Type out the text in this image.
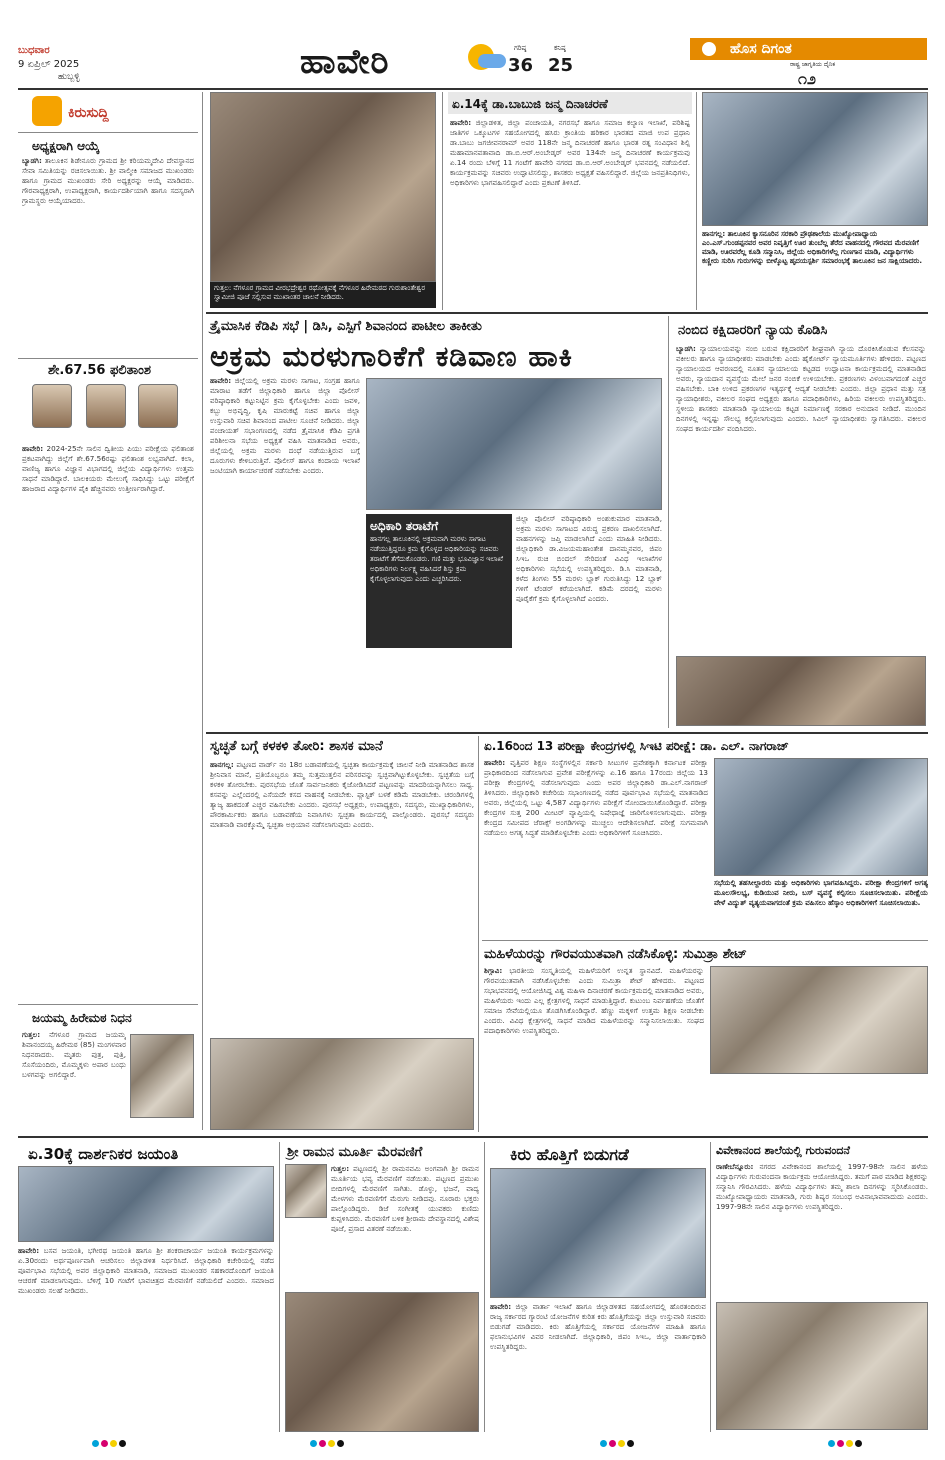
ಬುಧವಾರ
9 ಏಪ್ರಿಲ್ 2025
ಹುಬ್ಬಳ್ಳಿ	ಹಾವೇರಿ	ಗರಿಷ್ಠ
36
ಕನಿಷ್ಠ
25
ಹೊಸ ದಿಗಂತ
ರಾಷ್ಟ್ರ ಜಾಗೃತಿಯ ದೈನಿಕ
೧೨
ಕಿರುಸುದ್ದಿ
ಅಧ್ಯಕ್ಷರಾಗಿ ಆಯ್ಕೆ
ಬ್ಯಾಡಗಿ: ತಾಲೂಕಿನ ಶಿಡೇನೂರು ಗ್ರಾಮದ ಶ್ರೀ ಕರಿಯಮ್ಮದೇವಿ ದೇವಸ್ಥಾನದ ಸೇವಾ ಸಮಿತಿಯನ್ನು ರಚಿಸಲಾಯಿತು. ಶ್ರೀ ವಾಲ್ಮೀಕಿ ಸಮಾಜದ ಮುಖಂಡರು ಹಾಗೂ ಗ್ರಾಮದ ಮುಖಂಡರು ಸೇರಿ ಅಧ್ಯಕ್ಷರನ್ನು ಆಯ್ಕೆ ಮಾಡಿದರು. ಗೌರವಾಧ್ಯಕ್ಷರಾಗಿ, ಉಪಾಧ್ಯಕ್ಷರಾಗಿ, ಕಾರ್ಯದರ್ಶಿಯಾಗಿ ಹಾಗೂ ಸದಸ್ಯರಾಗಿ ಗ್ರಾಮಸ್ಥರು ಆಯ್ಕೆಯಾದರು.
ಶೇ.67.56 ಫಲಿತಾಂಶ
ಹಾವೇರಿ: 2024-25ನೇ ಸಾಲಿನ ದ್ವಿತೀಯ ಪಿಯು ಪರೀಕ್ಷೆಯ ಫಲಿತಾಂಶ ಪ್ರಕಟವಾಗಿದ್ದು ಜಿಲ್ಲೆಗೆ ಶೇ.67.56ರಷ್ಟು ಫಲಿತಾಂಶ ಲಭ್ಯವಾಗಿದೆ. ಕಲಾ, ವಾಣಿಜ್ಯ ಹಾಗೂ ವಿಜ್ಞಾನ ವಿಭಾಗದಲ್ಲಿ ಜಿಲ್ಲೆಯ ವಿದ್ಯಾರ್ಥಿಗಳು ಉತ್ತಮ ಸಾಧನೆ ಮಾಡಿದ್ದಾರೆ. ಬಾಲಕಿಯರು ಮೇಲುಗೈ ಸಾಧಿಸಿದ್ದು ಒಟ್ಟು ಪರೀಕ್ಷೆಗೆ ಹಾಜರಾದ ವಿದ್ಯಾರ್ಥಿಗಳ ಪೈಕಿ ಹೆಚ್ಚಿನವರು ಉತ್ತೀರ್ಣರಾಗಿದ್ದಾರೆ.
ಜಯಮ್ಮ ಹಿರೇಮಠ ನಿಧನ
ಗುತ್ತಲ: ನೆಗಳೂರ ಗ್ರಾಮದ ಜಯಮ್ಮ ಶಿವಾನಂದಯ್ಯ ಹಿರೇಮಠ (85) ಮಂಗಳವಾರ ನಿಧನರಾದರು. ಮೃತರು ಪುತ್ರ, ಪುತ್ರಿ, ಸೊಸೆಯಂದಿರು, ಮೊಮ್ಮಕ್ಕಳು ಅಪಾರ ಬಂಧು ಬಳಗವನ್ನು ಅಗಲಿದ್ದಾರೆ.
ಗುತ್ತಲ: ನೆಗಳೂರ ಗ್ರಾಮದ ವೀರಭದ್ರೇಶ್ವರ ರಥೋತ್ಸವಕ್ಕೆ ನೆಗಳೂರ ಹಿರೇಮಠದ ಗುರುಶಾಂತೇಶ್ವರ ಸ್ವಾಮೀಜಿ ಪೂಜೆ ಸಲ್ಲಿಸುವ ಮುಖಾಂತರ ಚಾಲನೆ ನೀಡಿದರು.
ಏ.14ಕ್ಕೆ ಡಾ.ಬಾಬುಜಿ ಜನ್ಮ ದಿನಾಚರಣೆ
ಹಾವೇರಿ: ಜಿಲ್ಲಾಡಳಿತ, ಜಿಲ್ಲಾ ಪಂಚಾಯತಿ, ನಗರಸಭೆ ಹಾಗೂ ಸಮಾಜ ಕಲ್ಯಾಣ ಇಲಾಖೆ, ಪರಿಶಿಷ್ಟ ಜಾತಿಗಳ ಒಕ್ಕೂಟಗಳ ಸಹಯೋಗದಲ್ಲಿ ಹಸಿರು ಕ್ರಾಂತಿಯ ಹರಿಕಾರ ಭಾರತದ ಮಾಜಿ ಉಪ ಪ್ರಧಾನಿ ಡಾ.ಬಾಬು ಜಗಜೀವನರಾಮ್ ಅವರ 118ನೇ ಜನ್ಮ ದಿನಾಚರಣೆ ಹಾಗೂ ಭಾರತ ರತ್ನ ಸಂವಿಧಾನ ಶಿಲ್ಪಿ ಮಹಾಮಾನವತಾವಾದಿ ಡಾ.ಬಿ.ಆರ್.ಅಂಬೇಡ್ಕರ್ ಅವರ 134ನೇ ಜನ್ಮ ದಿನಾಚರಣೆ ಕಾರ್ಯಕ್ರಮವು ಏ.14 ರಂದು ಬೆಳಿಗ್ಗೆ 11 ಗಂಟೆಗೆ ಹಾವೇರಿ ನಗರದ ಡಾ.ಬಿ.ಆರ್.ಅಂಬೇಡ್ಕರ್ ಭವನದಲ್ಲಿ ನಡೆಯಲಿದೆ. ಕಾರ್ಯಕ್ರಮವನ್ನು ಸಚಿವರು ಉದ್ಘಾಟಿಸಲಿದ್ದು, ಶಾಸಕರು ಅಧ್ಯಕ್ಷತೆ ವಹಿಸಲಿದ್ದಾರೆ. ಜಿಲ್ಲೆಯ ಜನಪ್ರತಿನಿಧಿಗಳು, ಅಧಿಕಾರಿಗಳು ಭಾಗವಹಿಸಲಿದ್ದಾರೆ ಎಂದು ಪ್ರಕಟಣೆ ತಿಳಿಸಿದೆ.
ಹಾನಗಲ್ಲ: ತಾಲೂಕಿನ ಕ್ಯಾಸನೂರಿನ ಸರಕಾರಿ ಪ್ರೌಢಶಾಲೆಯ ಮುಖ್ಯೋಪಾಧ್ಯಾಯ ಎಂ.ಎಸ್.ಗುಂಡಪ್ಪನವರ ಅವರ ನಿವೃತ್ತಿಗೆ ಊರ ತುಂಬೆಲ್ಲ ತೆರೆದ ವಾಹನದಲ್ಲಿ ಗೌರವದ ಮೆರವಣಿಗೆ ಮಾಡಿ, ಊರವರೆಲ್ಲ ಕೂಡಿ ಸನ್ಮಾನಿಸಿ, ಜಿಲ್ಲೆಯ ಅಧಿಕಾರಿಗಳೆಲ್ಲ ಗುಣಗಾನ ಮಾಡಿ, ವಿದ್ಯಾರ್ಥಿಗಳು ಕಣ್ಣೀರು ಸುರಿಸಿ ಗುರುಗಳನ್ನು ಬೀಳ್ಕೊಟ್ಟ ಹೃದಯಸ್ಪರ್ಶಿ ಸಮಾರಂಭಕ್ಕೆ ತಾಲೂಕಿನ ಜನ ಸಾಕ್ಷಿಯಾದರು.
ತ್ರೈಮಾಸಿಕ ಕೆಡಿಪಿ ಸಭೆ | ಡಿಸಿ, ಎಸ್ಪಿಗೆ ಶಿವಾನಂದ ಪಾಟೀಲ ತಾಕೀತು
ಅಕ್ರಮ ಮರಳುಗಾರಿಕೆಗೆ ಕಡಿವಾಣ ಹಾಕಿ
ಹಾವೇರಿ: ಜಿಲ್ಲೆಯಲ್ಲಿ ಅಕ್ರಮ ಮರಳು ಸಾಗಾಟ, ಸಂಗ್ರಹ ಹಾಗೂ ಮಾರಾಟ ತಡೆಗೆ ಜಿಲ್ಲಾಧಿಕಾರಿ ಹಾಗೂ ಜಿಲ್ಲಾ ಪೊಲೀಸ್ ವರಿಷ್ಠಾಧಿಕಾರಿ ಕಟ್ಟುನಿಟ್ಟಿನ ಕ್ರಮ ಕೈಗೊಳ್ಳಬೇಕು ಎಂದು ಜವಳಿ, ಕಬ್ಬು ಅಭಿವೃದ್ಧಿ, ಕೃಷಿ ಮಾರುಕಟ್ಟೆ ಸಚಿವ ಹಾಗೂ ಜಿಲ್ಲಾ ಉಸ್ತುವಾರಿ ಸಚಿವ ಶಿವಾನಂದ ಪಾಟೀಲ ಸೂಚನೆ ನೀಡಿದರು. ಜಿಲ್ಲಾ ಪಂಚಾಯತ್ ಸಭಾಂಗಣದಲ್ಲಿ ನಡೆದ ತ್ರೈಮಾಸಿಕ ಕೆಡಿಪಿ ಪ್ರಗತಿ ಪರಿಶೀಲನಾ ಸಭೆಯ ಅಧ್ಯಕ್ಷತೆ ವಹಿಸಿ ಮಾತನಾಡಿದ ಅವರು, ಜಿಲ್ಲೆಯಲ್ಲಿ ಅಕ್ರಮ ಮರಳು ದಂಧೆ ನಡೆಯುತ್ತಿರುವ ಬಗ್ಗೆ ದೂರುಗಳು ಕೇಳಿಬರುತ್ತಿವೆ. ಪೊಲೀಸ್ ಹಾಗೂ ಕಂದಾಯ ಇಲಾಖೆ ಜಂಟಿಯಾಗಿ ಕಾರ್ಯಾಚರಣೆ ನಡೆಸಬೇಕು ಎಂದರು.
ಅಧಿಕಾರಿ ತರಾಟೆಗೆ
ಹಾನಗಲ್ಲ ತಾಲೂಕಿನಲ್ಲಿ ಅಕ್ರಮವಾಗಿ ಮರಳು ಸಾಗಾಟ ನಡೆಯುತ್ತಿದ್ದರೂ ಕ್ರಮ ಕೈಗೊಳ್ಳದ ಅಧಿಕಾರಿಯನ್ನು ಸಚಿವರು ತರಾಟೆಗೆ ತೆಗೆದುಕೊಂಡರು. ಗಣಿ ಮತ್ತು ಭೂವಿಜ್ಞಾನ ಇಲಾಖೆ ಅಧಿಕಾರಿಗಳು ನಿರ್ಲಕ್ಷ್ಯ ವಹಿಸಿದರೆ ಶಿಸ್ತು ಕ್ರಮ ಕೈಗೊಳ್ಳಲಾಗುವುದು ಎಂದು ಎಚ್ಚರಿಸಿದರು.
ಜಿಲ್ಲಾ ಪೊಲೀಸ್ ವರಿಷ್ಠಾಧಿಕಾರಿ ಅಂಶುಕುಮಾರ ಮಾತನಾಡಿ, ಅಕ್ರಮ ಮರಳು ಸಾಗಾಟದ ವಿರುದ್ಧ ಪ್ರಕರಣ ದಾಖಲಿಸಲಾಗಿದೆ. ವಾಹನಗಳನ್ನು ಜಪ್ತಿ ಮಾಡಲಾಗಿದೆ ಎಂದು ಮಾಹಿತಿ ನೀಡಿದರು. ಜಿಲ್ಲಾಧಿಕಾರಿ ಡಾ.ವಿಜಯಮಹಾಂತೇಶ ದಾನಮ್ಮನವರ, ಜಿಪಂ ಸಿಇಒ ರುಚಿ ಬಿಂದಲ್ ಸೇರಿದಂತೆ ವಿವಿಧ ಇಲಾಖೆಗಳ ಅಧಿಕಾರಿಗಳು ಸಭೆಯಲ್ಲಿ ಉಪಸ್ಥಿತರಿದ್ದರು. ಡಿ.ಸಿ ಮಾತನಾಡಿ, ಕಳೆದ ತಿಂಗಳು 55 ಮರಳು ಬ್ಲಾಕ್ ಗುರುತಿಸಿದ್ದು 12 ಬ್ಲಾಕ್ ಗಳಿಗೆ ಟೆಂಡರ್ ಕರೆಯಲಾಗಿದೆ. ಕಡಿಮೆ ದರದಲ್ಲಿ ಮರಳು ಪೂರೈಕೆಗೆ ಕ್ರಮ ಕೈಗೊಳ್ಳಲಾಗಿದೆ ಎಂದರು.
ನಂಬಿದ ಕಕ್ಷಿದಾರರಿಗೆ ನ್ಯಾಯ ಕೊಡಿಸಿ
ಬ್ಯಾಡಗಿ: ನ್ಯಾಯಾಲಯವನ್ನು ನಂಬಿ ಬರುವ ಕಕ್ಷಿದಾರರಿಗೆ ಶೀಘ್ರವಾಗಿ ನ್ಯಾಯ ದೊರಕಿಸಿಕೊಡುವ ಕೆಲಸವನ್ನು ವಕೀಲರು ಹಾಗೂ ನ್ಯಾಯಾಧೀಶರು ಮಾಡಬೇಕು ಎಂದು ಹೈಕೋರ್ಟ್ ನ್ಯಾಯಮೂರ್ತಿಗಳು ಹೇಳಿದರು. ಪಟ್ಟಣದ ನ್ಯಾಯಾಲಯದ ಆವರಣದಲ್ಲಿ ನೂತನ ನ್ಯಾಯಾಲಯ ಕಟ್ಟಡದ ಉದ್ಘಾಟನಾ ಕಾರ್ಯಕ್ರಮದಲ್ಲಿ ಮಾತನಾಡಿದ ಅವರು, ನ್ಯಾಯದಾನ ವ್ಯವಸ್ಥೆಯ ಮೇಲೆ ಜನರ ನಂಬಿಕೆ ಉಳಿಯಬೇಕು. ಪ್ರಕರಣಗಳು ವಿಳಂಬವಾಗದಂತೆ ಎಚ್ಚರ ವಹಿಸಬೇಕು. ಬಾಕಿ ಉಳಿದ ಪ್ರಕರಣಗಳ ಇತ್ಯರ್ಥಕ್ಕೆ ಆದ್ಯತೆ ನೀಡಬೇಕು ಎಂದರು. ಜಿಲ್ಲಾ ಪ್ರಧಾನ ಮತ್ತು ಸತ್ರ ನ್ಯಾಯಾಧೀಶರು, ವಕೀಲರ ಸಂಘದ ಅಧ್ಯಕ್ಷರು ಹಾಗೂ ಪದಾಧಿಕಾರಿಗಳು, ಹಿರಿಯ ವಕೀಲರು ಉಪಸ್ಥಿತರಿದ್ದರು. ಸ್ಥಳೀಯ ಶಾಸಕರು ಮಾತನಾಡಿ ನ್ಯಾಯಾಲಯ ಕಟ್ಟಡ ನಿರ್ಮಾಣಕ್ಕೆ ಸರಕಾರ ಅನುದಾನ ನೀಡಿದೆ. ಮುಂದಿನ ದಿನಗಳಲ್ಲಿ ಇನ್ನಷ್ಟು ಸೌಲಭ್ಯ ಕಲ್ಪಿಸಲಾಗುವುದು ಎಂದರು. ಸಿವಿಲ್ ನ್ಯಾಯಾಧೀಶರು ಸ್ವಾಗತಿಸಿದರು. ವಕೀಲರ ಸಂಘದ ಕಾರ್ಯದರ್ಶಿ ವಂದಿಸಿದರು.
ಸ್ವಚ್ಛತೆ ಬಗ್ಗೆ ಕಳಕಳಿ ತೋರಿ: ಶಾಸಕ ಮಾನೆ
ಹಾನಗಲ್ಲ: ಪಟ್ಟಣದ ವಾರ್ಡ್ ನಂ 18ರ ಬಡಾವಣೆಯಲ್ಲಿ ಸ್ವಚ್ಛತಾ ಕಾರ್ಯಕ್ರಮಕ್ಕೆ ಚಾಲನೆ ನೀಡಿ ಮಾತನಾಡಿದ ಶಾಸಕ ಶ್ರೀನಿವಾಸ ಮಾನೆ, ಪ್ರತಿಯೊಬ್ಬರೂ ತಮ್ಮ ಸುತ್ತಮುತ್ತಲಿನ ಪರಿಸರವನ್ನು ಸ್ವಚ್ಛವಾಗಿಟ್ಟುಕೊಳ್ಳಬೇಕು. ಸ್ವಚ್ಛತೆಯ ಬಗ್ಗೆ ಕಳಕಳಿ ತೋರಬೇಕು. ಪುರಸಭೆಯ ಜೊತೆ ಸಾರ್ವಜನಿಕರು ಕೈಜೋಡಿಸಿದರೆ ಪಟ್ಟಣವನ್ನು ಮಾದರಿಯನ್ನಾಗಿಸಲು ಸಾಧ್ಯ. ಕಸವನ್ನು ಎಲ್ಲೆಂದರಲ್ಲಿ ಎಸೆಯದೇ ಕಸದ ವಾಹನಕ್ಕೆ ನೀಡಬೇಕು. ಪ್ಲಾಸ್ಟಿಕ್ ಬಳಕೆ ಕಡಿಮೆ ಮಾಡಬೇಕು. ಚರಂಡಿಗಳಲ್ಲಿ ತ್ಯಾಜ್ಯ ಹಾಕದಂತೆ ಎಚ್ಚರ ವಹಿಸಬೇಕು ಎಂದರು. ಪುರಸಭೆ ಅಧ್ಯಕ್ಷರು, ಉಪಾಧ್ಯಕ್ಷರು, ಸದಸ್ಯರು, ಮುಖ್ಯಾಧಿಕಾರಿಗಳು, ಪೌರಕಾರ್ಮಿಕರು ಹಾಗೂ ಬಡಾವಣೆಯ ನಿವಾಸಿಗಳು ಸ್ವಚ್ಛತಾ ಕಾರ್ಯದಲ್ಲಿ ಪಾಲ್ಗೊಂಡರು. ಪುರಸಭೆ ಸದಸ್ಯರು ಮಾತನಾಡಿ ವಾರಕ್ಕೊಮ್ಮೆ ಸ್ವಚ್ಛತಾ ಅಭಿಯಾನ ನಡೆಸಲಾಗುವುದು ಎಂದರು.
ಏ.16ರಿಂದ 13 ಪರೀಕ್ಷಾ ಕೇಂದ್ರಗಳಲ್ಲಿ ಸಿಇಟಿ ಪರೀಕ್ಷೆ: ಡಾ. ಎಲ್. ನಾಗರಾಜ್
ಹಾವೇರಿ: ವೃತ್ತಿಪರ ಶಿಕ್ಷಣ ಸಂಸ್ಥೆಗಳಲ್ಲಿನ ಸರ್ಕಾರಿ ಸೀಟುಗಳ ಪ್ರವೇಶಕ್ಕಾಗಿ ಕರ್ನಾಟಕ ಪರೀಕ್ಷಾ ಪ್ರಾಧಿಕಾರದಿಂದ ನಡೆಸಲಾಗುವ ಪ್ರವೇಶ ಪರೀಕ್ಷೆಗಳನ್ನು ಏ.16 ಹಾಗೂ 17ರಂದು ಜಿಲ್ಲೆಯ 13 ಪರೀಕ್ಷಾ ಕೇಂದ್ರಗಳಲ್ಲಿ ನಡೆಸಲಾಗುವುದು ಎಂದು ಅಪರ ಜಿಲ್ಲಾಧಿಕಾರಿ ಡಾ.ಎಲ್.ನಾಗರಾಜ್ ತಿಳಿಸಿದರು. ಜಿಲ್ಲಾಧಿಕಾರಿ ಕಚೇರಿಯ ಸಭಾಂಗಣದಲ್ಲಿ ನಡೆದ ಪೂರ್ವಭಾವಿ ಸಭೆಯಲ್ಲಿ ಮಾತನಾಡಿದ ಅವರು, ಜಿಲ್ಲೆಯಲ್ಲಿ ಒಟ್ಟು 4,587 ವಿದ್ಯಾರ್ಥಿಗಳು ಪರೀಕ್ಷೆಗೆ ನೋಂದಾಯಿಸಿಕೊಂಡಿದ್ದಾರೆ. ಪರೀಕ್ಷಾ ಕೇಂದ್ರಗಳ ಸುತ್ತ 200 ಮೀಟರ್ ವ್ಯಾಪ್ತಿಯಲ್ಲಿ ನಿಷೇಧಾಜ್ಞೆ ಜಾರಿಗೊಳಿಸಲಾಗುವುದು. ಪರೀಕ್ಷಾ ಕೇಂದ್ರದ ಸಮೀಪದ ಜೆರಾಕ್ಸ್ ಅಂಗಡಿಗಳನ್ನು ಮುಚ್ಚಲು ಆದೇಶಿಸಲಾಗಿದೆ. ಪರೀಕ್ಷೆ ಸುಗಮವಾಗಿ ನಡೆಯಲು ಅಗತ್ಯ ಸಿದ್ಧತೆ ಮಾಡಿಕೊಳ್ಳಬೇಕು ಎಂದು ಅಧಿಕಾರಿಗಳಿಗೆ ಸೂಚಿಸಿದರು.
ಸಭೆಯಲ್ಲಿ ತಹಸೀಲ್ದಾರರು ಮತ್ತು ಅಧಿಕಾರಿಗಳು ಭಾಗವಹಿಸಿದ್ದರು. ಪರೀಕ್ಷಾ ಕೇಂದ್ರಗಳಿಗೆ ಅಗತ್ಯ ಮೂಲಸೌಲಭ್ಯ, ಕುಡಿಯುವ ನೀರು, ಬಸ್ ವ್ಯವಸ್ಥೆ ಕಲ್ಪಿಸಲು ಸೂಚಿಸಲಾಯಿತು. ಪರೀಕ್ಷೆಯ ವೇಳೆ ವಿದ್ಯುತ್ ವ್ಯತ್ಯಯವಾಗದಂತೆ ಕ್ರಮ ವಹಿಸಲು ಹೆಸ್ಕಾಂ ಅಧಿಕಾರಿಗಳಿಗೆ ಸೂಚಿಸಲಾಯಿತು.
ಮಹಿಳೆಯರನ್ನು ಗೌರವಯುತವಾಗಿ ನಡೆಸಿಕೊಳ್ಳಿ: ಸುಮಿತ್ರಾ ಶೇಟ್
ಶಿಗ್ಗಾವಿ: ಭಾರತೀಯ ಸಂಸ್ಕೃತಿಯಲ್ಲಿ ಮಹಿಳೆಯರಿಗೆ ಉನ್ನತ ಸ್ಥಾನವಿದೆ. ಮಹಿಳೆಯರನ್ನು ಗೌರವಯುತವಾಗಿ ನಡೆಸಿಕೊಳ್ಳಬೇಕು ಎಂದು ಸುಮಿತ್ರಾ ಶೇಟ್ ಹೇಳಿದರು. ಪಟ್ಟಣದ ಸಭಾಭವನದಲ್ಲಿ ಆಯೋಜಿಸಿದ್ದ ವಿಶ್ವ ಮಹಿಳಾ ದಿನಾಚರಣೆ ಕಾರ್ಯಕ್ರಮದಲ್ಲಿ ಮಾತನಾಡಿದ ಅವರು, ಮಹಿಳೆಯರು ಇಂದು ಎಲ್ಲ ಕ್ಷೇತ್ರಗಳಲ್ಲಿ ಸಾಧನೆ ಮಾಡುತ್ತಿದ್ದಾರೆ. ಕುಟುಂಬ ನಿರ್ವಹಣೆಯ ಜೊತೆಗೆ ಸಮಾಜ ಸೇವೆಯಲ್ಲಿಯೂ ತೊಡಗಿಸಿಕೊಂಡಿದ್ದಾರೆ. ಹೆಣ್ಣು ಮಕ್ಕಳಿಗೆ ಉತ್ತಮ ಶಿಕ್ಷಣ ನೀಡಬೇಕು ಎಂದರು. ವಿವಿಧ ಕ್ಷೇತ್ರಗಳಲ್ಲಿ ಸಾಧನೆ ಮಾಡಿದ ಮಹಿಳೆಯರನ್ನು ಸನ್ಮಾನಿಸಲಾಯಿತು. ಸಂಘದ ಪದಾಧಿಕಾರಿಗಳು ಉಪಸ್ಥಿತರಿದ್ದರು.
ಏ.30ಕ್ಕೆ ದಾರ್ಶನಿಕರ ಜಯಂತಿ
ಹಾವೇರಿ: ಬಸವ ಜಯಂತಿ, ಭಗೀರಥ ಜಯಂತಿ ಹಾಗೂ ಶ್ರೀ ಶಂಕರಾಚಾರ್ಯ ಜಯಂತಿ ಕಾರ್ಯಕ್ರಮಗಳನ್ನು ಏ.30ರಂದು ಅರ್ಥಪೂರ್ಣವಾಗಿ ಆಚರಿಸಲು ಜಿಲ್ಲಾಡಳಿತ ನಿರ್ಧರಿಸಿದೆ. ಜಿಲ್ಲಾಧಿಕಾರಿ ಕಚೇರಿಯಲ್ಲಿ ನಡೆದ ಪೂರ್ವಭಾವಿ ಸಭೆಯಲ್ಲಿ ಅಪರ ಜಿಲ್ಲಾಧಿಕಾರಿ ಮಾತನಾಡಿ, ಸಮಾಜದ ಮುಖಂಡರ ಸಹಕಾರದೊಂದಿಗೆ ಜಯಂತಿ ಆಚರಣೆ ಮಾಡಲಾಗುವುದು. ಬೆಳಿಗ್ಗೆ 10 ಗಂಟೆಗೆ ಭಾವಚಿತ್ರದ ಮೆರವಣಿಗೆ ನಡೆಯಲಿದೆ ಎಂದರು. ಸಮಾಜದ ಮುಖಂಡರು ಸಲಹೆ ನೀಡಿದರು.
ಶ್ರೀ ರಾಮನ ಮೂರ್ತಿ ಮೆರವಣಿಗೆ
ಗುತ್ತಲ: ಪಟ್ಟಣದಲ್ಲಿ ಶ್ರೀ ರಾಮನವಮಿ ಅಂಗವಾಗಿ ಶ್ರೀ ರಾಮನ ಮೂರ್ತಿಯ ಭವ್ಯ ಮೆರವಣಿಗೆ ನಡೆಯಿತು. ಪಟ್ಟಣದ ಪ್ರಮುಖ ಬೀದಿಗಳಲ್ಲಿ ಮೆರವಣಿಗೆ ಸಾಗಿತು. ಡೊಳ್ಳು, ಭಜನೆ, ವಾದ್ಯ ಮೇಳಗಳು ಮೆರವಣಿಗೆಗೆ ಮೆರುಗು ನೀಡಿದವು. ನೂರಾರು ಭಕ್ತರು ಪಾಲ್ಗೊಂಡಿದ್ದರು. ಡಿಜೆ ಸಂಗೀತಕ್ಕೆ ಯುವಕರು ಕುಣಿದು ಕುಪ್ಪಳಿಸಿದರು. ಮೆರವಣಿಗೆ ಬಳಿಕ ಶ್ರೀರಾಮ ದೇವಸ್ಥಾನದಲ್ಲಿ ವಿಶೇಷ ಪೂಜೆ, ಪ್ರಸಾದ ವಿತರಣೆ ನಡೆಯಿತು.
ಕಿರು ಹೊತ್ತಿಗೆ ಬಿಡುಗಡೆ
ಹಾವೇರಿ: ಜಿಲ್ಲಾ ವಾರ್ತಾ ಇಲಾಖೆ ಹಾಗೂ ಜಿಲ್ಲಾಡಳಿತದ ಸಹಯೋಗದಲ್ಲಿ ಹೊರತಂದಿರುವ ರಾಜ್ಯ ಸರ್ಕಾರದ ಗ್ಯಾರಂಟಿ ಯೋಜನೆಗಳ ಕುರಿತ ಕಿರು ಹೊತ್ತಿಗೆಯನ್ನು ಜಿಲ್ಲಾ ಉಸ್ತುವಾರಿ ಸಚಿವರು ಬಿಡುಗಡೆ ಮಾಡಿದರು. ಕಿರು ಹೊತ್ತಿಗೆಯಲ್ಲಿ ಸರ್ಕಾರದ ಯೋಜನೆಗಳ ಮಾಹಿತಿ ಹಾಗೂ ಫಲಾನುಭವಿಗಳ ವಿವರ ನೀಡಲಾಗಿದೆ. ಜಿಲ್ಲಾಧಿಕಾರಿ, ಜಿಪಂ ಸಿಇಒ, ಜಿಲ್ಲಾ ವಾರ್ತಾಧಿಕಾರಿ ಉಪಸ್ಥಿತರಿದ್ದರು.
ವಿವೇಕಾನಂದ ಶಾಲೆಯಲ್ಲಿ ಗುರುವಂದನೆ
ರಾಣೇಬೆನ್ನೂರು: ನಗರದ ವಿವೇಕಾನಂದ ಶಾಲೆಯಲ್ಲಿ 1997-98ನೇ ಸಾಲಿನ ಹಳೆಯ ವಿದ್ಯಾರ್ಥಿಗಳು ಗುರುವಂದನಾ ಕಾರ್ಯಕ್ರಮ ಆಯೋಜಿಸಿದ್ದರು. ತಮಗೆ ಪಾಠ ಮಾಡಿದ ಶಿಕ್ಷಕರನ್ನು ಸನ್ಮಾನಿಸಿ ಗೌರವಿಸಿದರು. ಹಳೆಯ ವಿದ್ಯಾರ್ಥಿಗಳು ತಮ್ಮ ಶಾಲಾ ದಿನಗಳನ್ನು ಸ್ಮರಿಸಿಕೊಂಡರು. ಮುಖ್ಯೋಪಾಧ್ಯಾಯರು ಮಾತನಾಡಿ, ಗುರು ಶಿಷ್ಯರ ಸಂಬಂಧ ಅವಿನಾಭಾವವಾದುದು ಎಂದರು. 1997-98ನೇ ಸಾಲಿನ ವಿದ್ಯಾರ್ಥಿಗಳು ಉಪಸ್ಥಿತರಿದ್ದರು.
